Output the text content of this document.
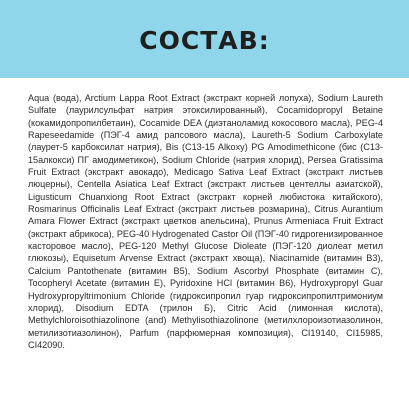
СОСТАВ:

Aqua (вода), Arctium Lappa Root Extract (экстракт корней лопуха), Sodium Laureth Sulfate (лаурилсульфат натрия этоксилированный), Cocamidopropyl Betaine (кокамидопропилбетаин), Cocamide DEA (диэтаноламид кокосового масла), PEG-4 Rapeseedamide (ПЭГ-4 амид рапсового масла), Laureth-5 Sodium Carboxylate (лаурет-5 карбоксилат натрия), Bis (C13-15 Alkoxy) PG Amodimethicone (бис (C13-15алкокси) ПГ амодиметикон), Sodium Chloride (натрия хлорид), Persea Gratissima Fruit Extract (экстракт авокадо), Medicago Sativa Leaf Extract (экстракт листьев люцерны), Centella Asiatica Leaf Extract (экстракт листьев центеллы азиатской), Ligusticum Chuanxiong Root Extract (экстракт корней любистока китайского), Rosmarinus Officinalis Leaf Extract (экстракт листьев розмарина), Citrus Aurantium Amara Flower Extract (экстракт цветков апельсина), Prunus Armeniaca Fruit Extract (экстракт абрикоса), PEG-40 Hydrogenated Castor Oil (ПЭГ-40 гидрогенизированное касторовое масло), PEG-120 Methyl Glucose Dioleate (ПЭГ-120 диолеат метил глюкозы), Equisetum Arvense Extract (экстракт хвоща), Niacinamide (витамин В3), Calcium Pantothenate (витамин В5), Sodium Ascorbyl Phosphate (витамин С), Tocopheryl Acetate (витамин Е), Pyridoxine HCl (витамин В6), Hydroxypropyl Guar Hydroxypropyltrimonium Chloride (гидроксипропил гуар гидроксипропилтримониум хлорид), Disodium EDTA (трилон Б), Citric Acid (лимонная кислота), Methylchloroisothiazolinone (and) Methylisothiazolinone (метилхлороизотиазолинон, метилизотиазолинон), Parfum (парфюмерная композиция), CI19140, CI15985, CI42090.
